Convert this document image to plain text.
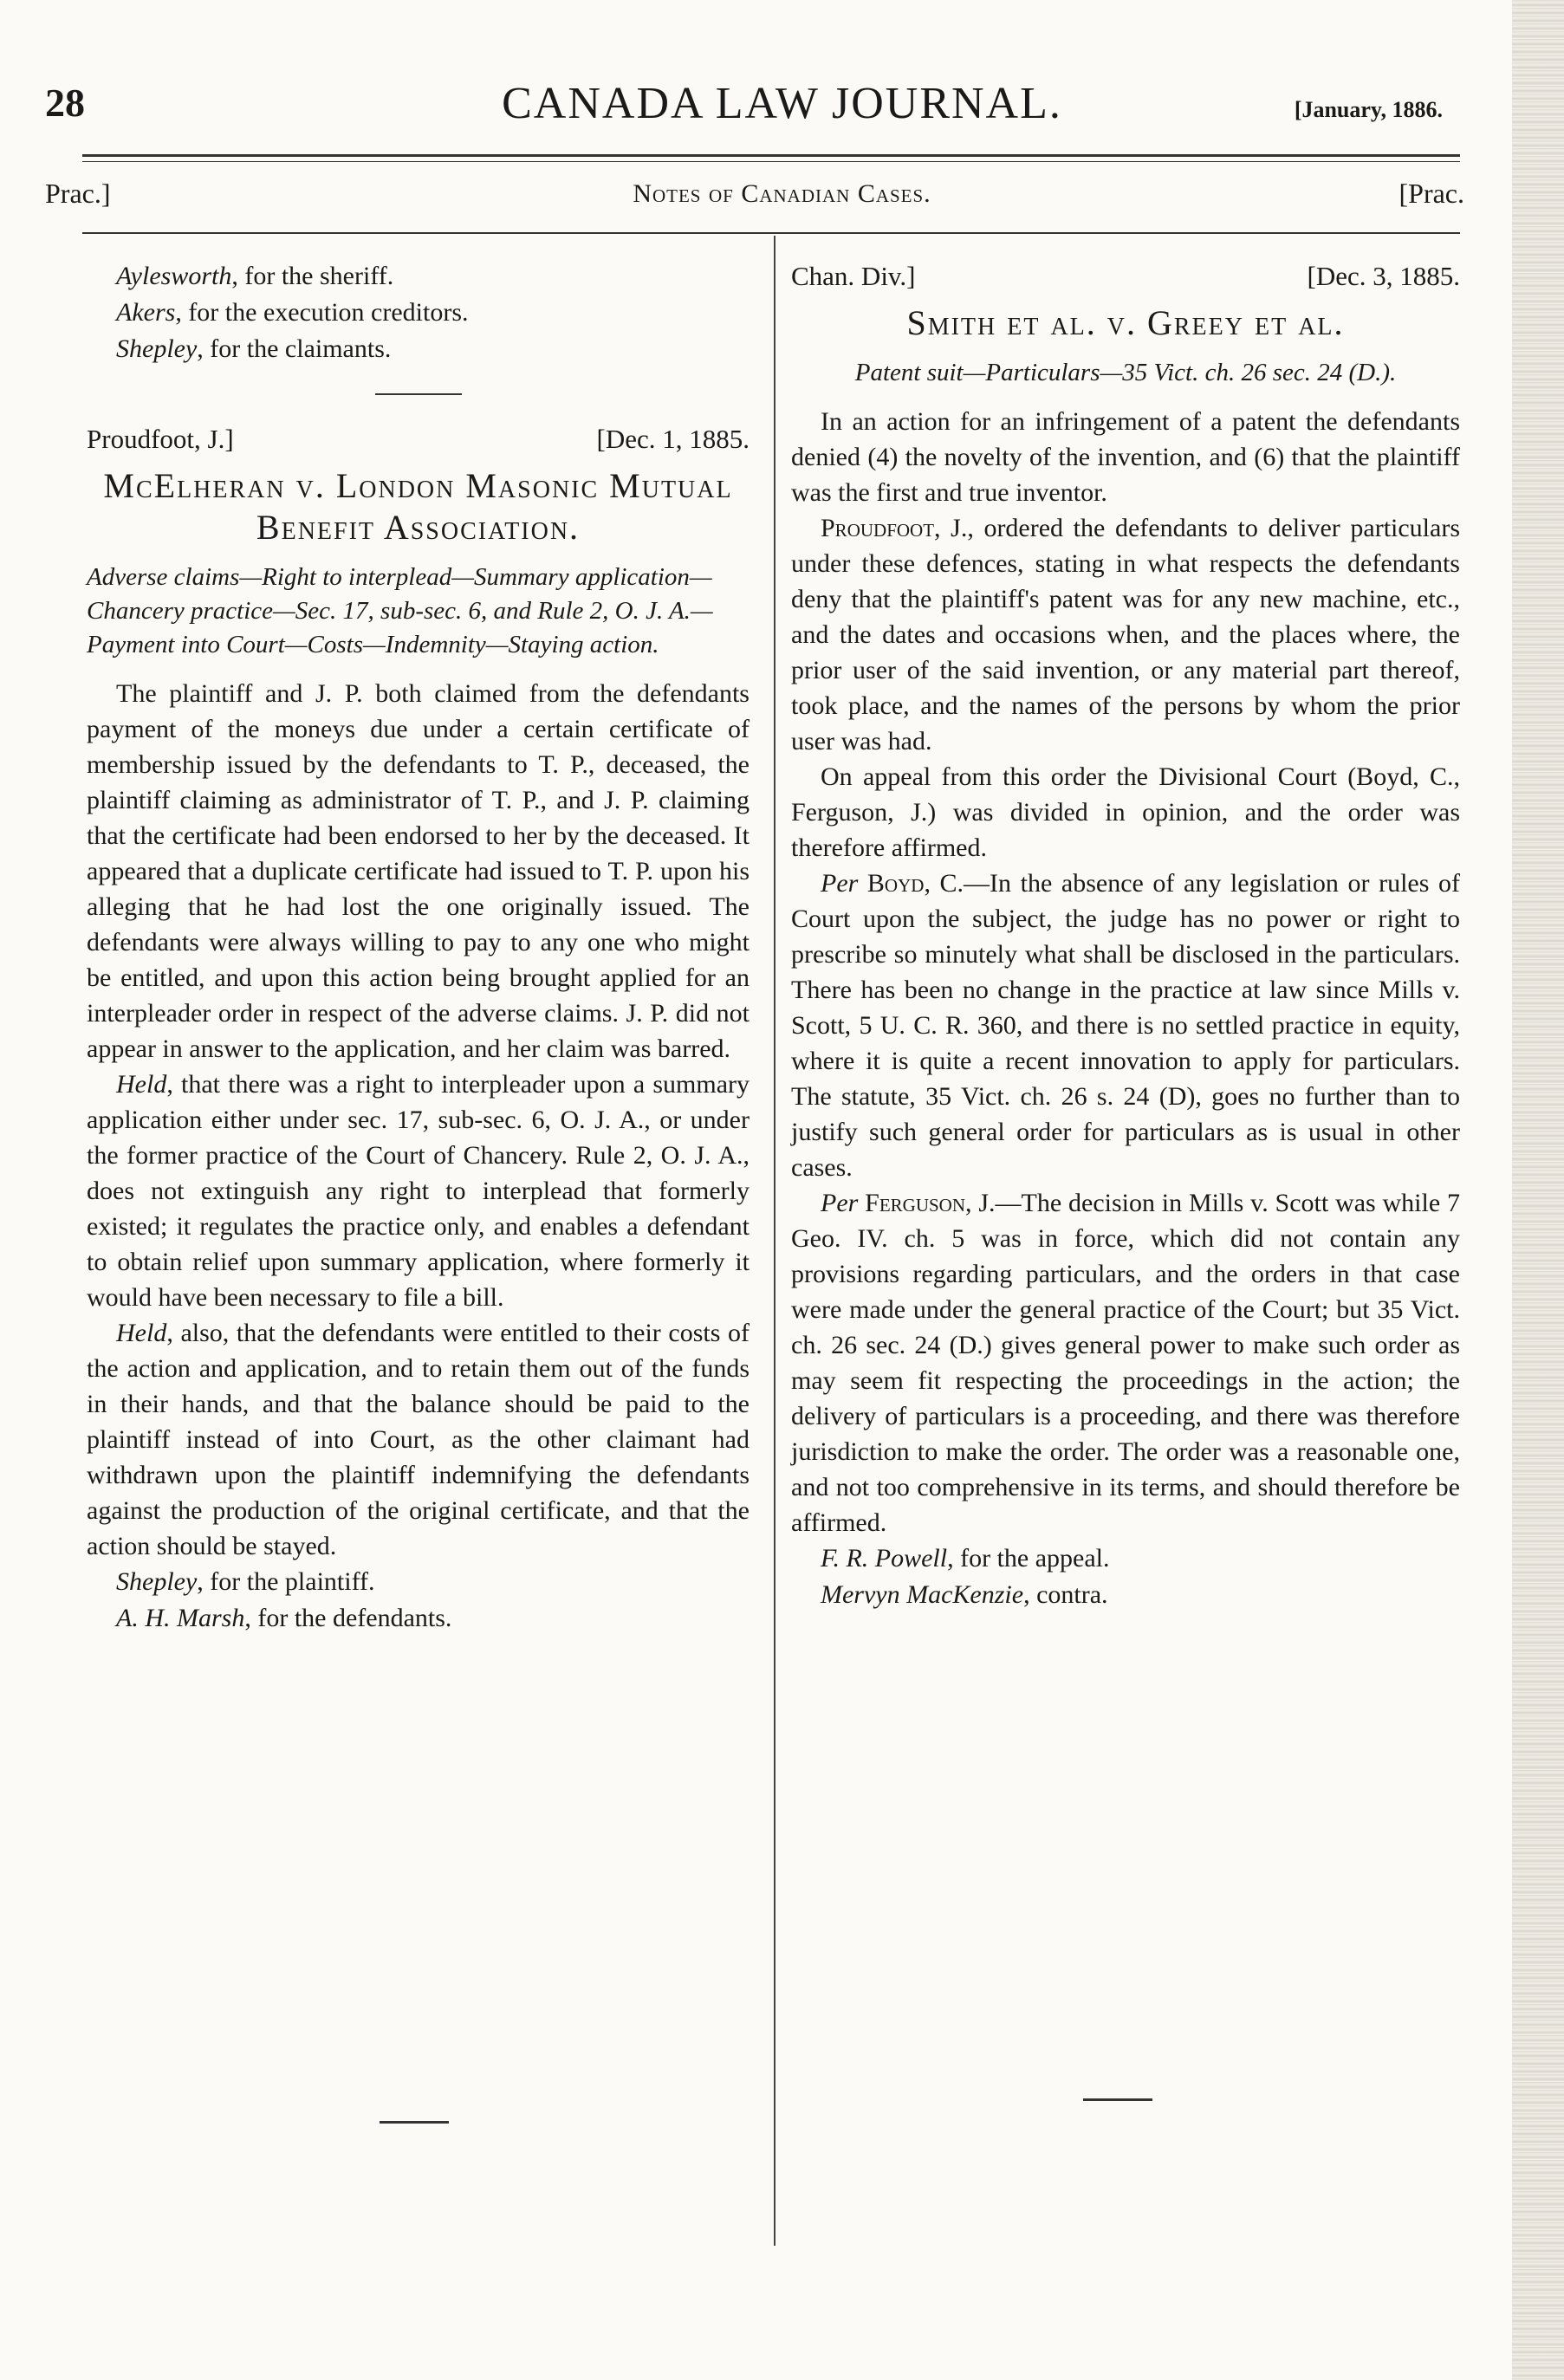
28	CANADA LAW JOURNAL.	[January, 1886.
Prac.]	Notes of Canadian Cases.	[Prac.
Aylesworth, for the sheriff.
Akers, for the execution creditors.
Shepley, for the claimants.
Proudfoot, J.]	[Dec. 1, 1885.
McElheran v. London Masonic Mutual Benefit Association.
Adverse claims—Right to interplead—Summary application—Chancery practice—Sec. 17, sub-sec. 6, and Rule 2, O. J. A.—Payment into Court—Costs—Indemnity—Staying action.

The plaintiff and J. P. both claimed from the defendants payment of the moneys due under a certain certificate of membership issued by the defendants to T. P., deceased, the plaintiff claiming as administrator of T. P., and J. P. claiming that the certificate had been endorsed to her by the deceased. It appeared that a duplicate certificate had issued to T. P. upon his alleging that he had lost the one originally issued. The defendants were always willing to pay to any one who might be entitled, and upon this action being brought applied for an interpleader order in respect of the adverse claims. J. P. did not appear in answer to the application, and her claim was barred.

Held, that there was a right to interpleader upon a summary application either under sec. 17, sub-sec. 6, O. J. A., or under the former practice of the Court of Chancery. Rule 2, O. J. A., does not extinguish any right to interplead that formerly existed; it regulates the practice only, and enables a defendant to obtain relief upon summary application, where formerly it would have been necessary to file a bill.

Held, also, that the defendants were entitled to their costs of the action and application, and to retain them out of the funds in their hands, and that the balance should be paid to the plaintiff instead of into Court, as the other claimant had withdrawn upon the plaintiff indemnifying the defendants against the production of the original certificate, and that the action should be stayed.

Shepley, for the plaintiff.
A. H. Marsh, for the defendants.
Chan. Div.]	[Dec. 3, 1885.
Smith et al. v. Greey et al.
Patent suit—Particulars—35 Vict. ch. 26 sec. 24 (D.).

In an action for an infringement of a patent the defendants denied (4) the novelty of the invention, and (6) that the plaintiff was the first and true inventor.

Proudfoot, J., ordered the defendants to deliver particulars under these defences, stating in what respects the defendants deny that the plaintiff's patent was for any new machine, etc., and the dates and occasions when, and the places where, the prior user of the said invention, or any material part thereof, took place, and the names of the persons by whom the prior user was had.

On appeal from this order the Divisional Court (Boyd, C., Ferguson, J.) was divided in opinion, and the order was therefore affirmed.

Per Boyd, C.—In the absence of any legislation or rules of Court upon the subject, the judge has no power or right to prescribe so minutely what shall be disclosed in the particulars. There has been no change in the practice at law since Mills v. Scott, 5 U. C. R. 360, and there is no settled practice in equity, where it is quite a recent innovation to apply for particulars. The statute, 35 Vict. ch. 26 s. 24 (D), goes no further than to justify such general order for particulars as is usual in other cases.

Per Ferguson, J.—The decision in Mills v. Scott was while 7 Geo. IV. ch. 5 was in force, which did not contain any provisions regarding particulars, and the orders in that case were made under the general practice of the Court; but 35 Vict. ch. 26 sec. 24 (D.) gives general power to make such order as may seem fit respecting the proceedings in the action; the delivery of particulars is a proceeding, and there was therefore jurisdiction to make the order. The order was a reasonable one, and not too comprehensive in its terms, and should therefore be affirmed.

F. R. Powell, for the appeal.
Mervyn MacKenzie, contra.
